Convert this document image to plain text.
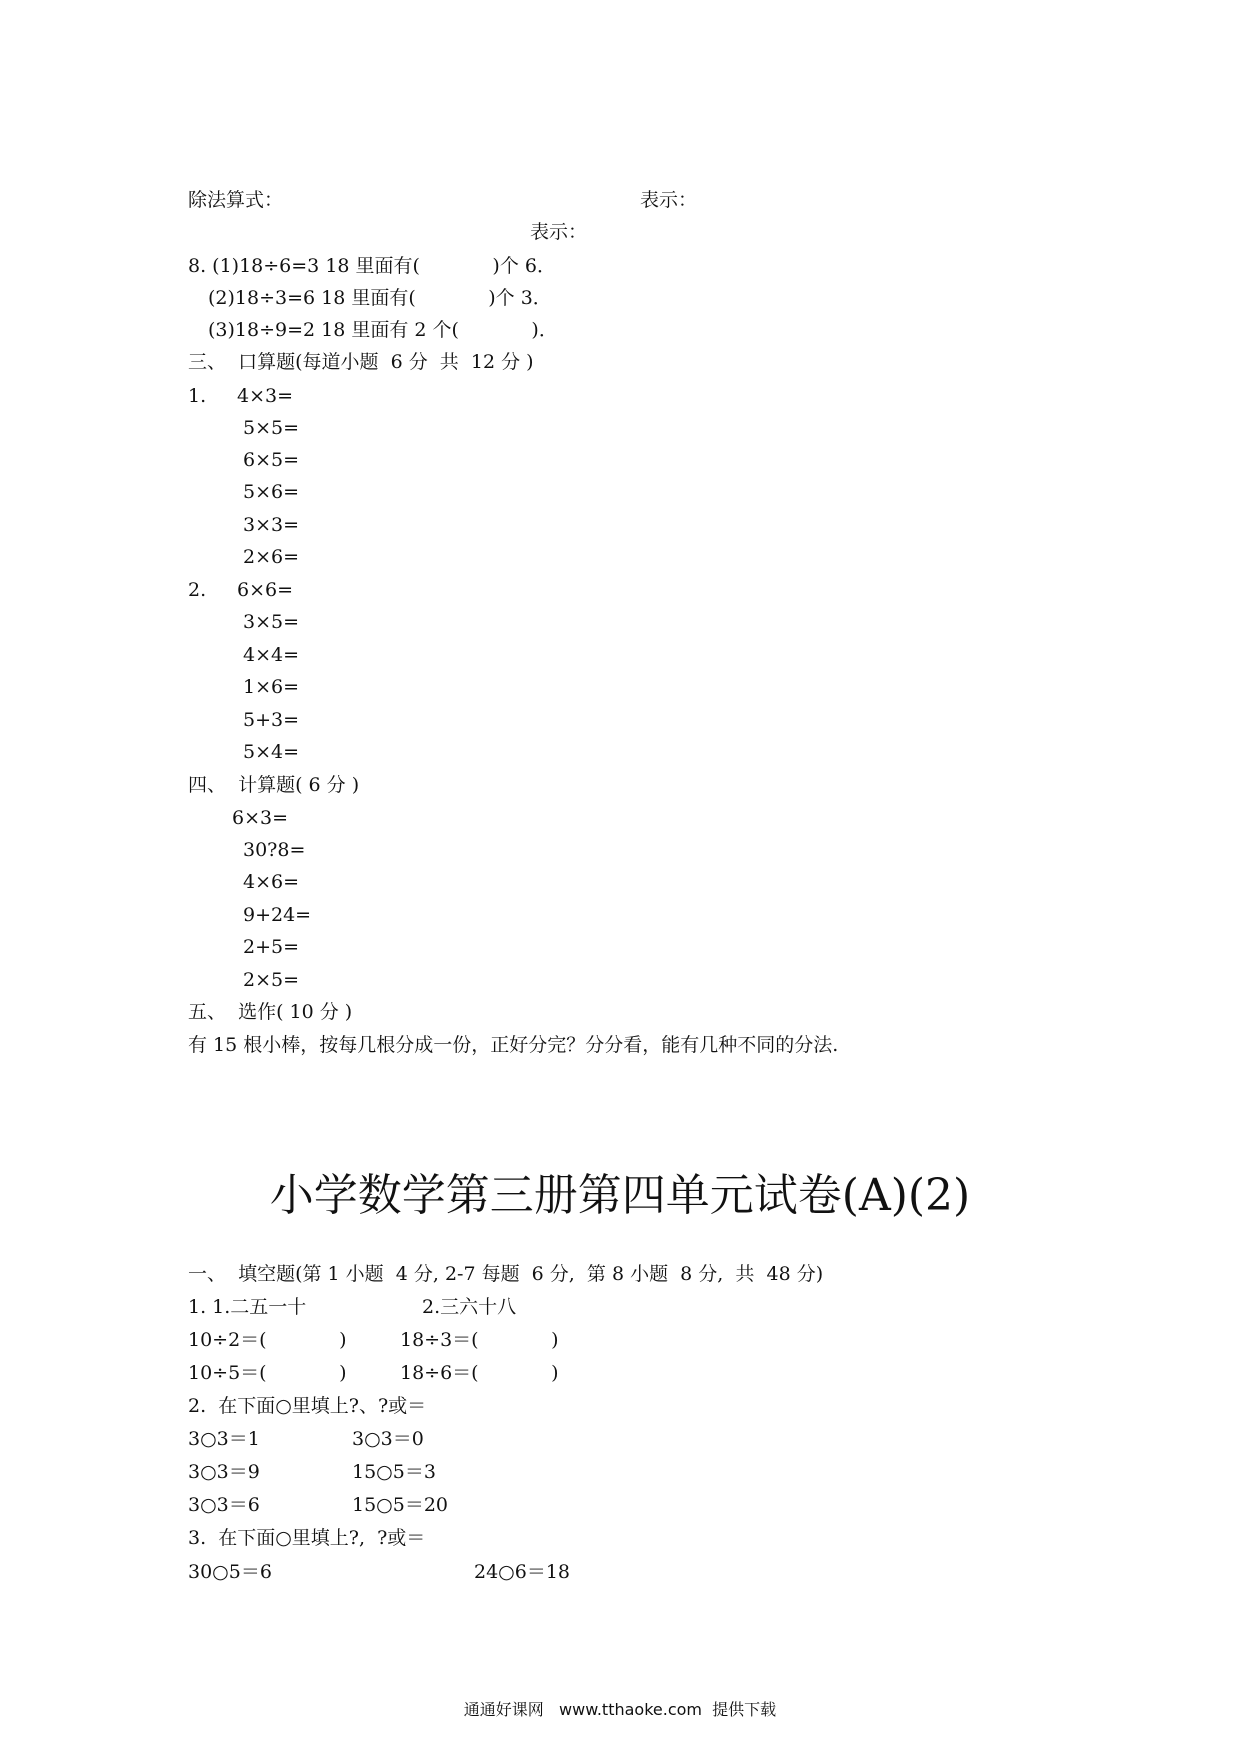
除法算式：	表示：
表示：
8. (1)18÷6=3 18 里面有(            )个 6．
(2)18÷3=6 18 里面有(            )个 3．
(3)18÷9=2 18 里面有 2 个(            )．
三、  口算题(每道小题  6 分  共  12 分 )
1. 4×3=
5×5=
6×5=
5×6=
3×3=
2×6=
2. 6×6=
3×5=
4×4=
1×6=
5+3=
5×4=
四、  计算题( 6 分 )
6×3=
30?8=
4×6=
9+24=
2+5=
2×5=
五、  选作( 10 分 )
有 15 根小棒，按每几根分成一份，正好分完？分分看，能有几种不同的分法.
小学数学第三册第四单元试卷(A)(2)
一、  填空题(第 1 小题  4 分, 2-7 每题  6 分,  第 8 小题  8 分,  共  48 分)
1. 1.二五一十	2.三六十八
10÷2＝(            )	18÷3＝(            )
10÷5＝(            )	18÷6＝(            )
2.  在下面○里填上?、?或＝
3○3＝1	3○3＝0
3○3＝9	15○5＝3
3○3＝6	15○5＝20
3.  在下面○里填上?,  ?或＝
30○5＝6	24○6＝18
通通好课网   www.tthaoke.com  提供下载
